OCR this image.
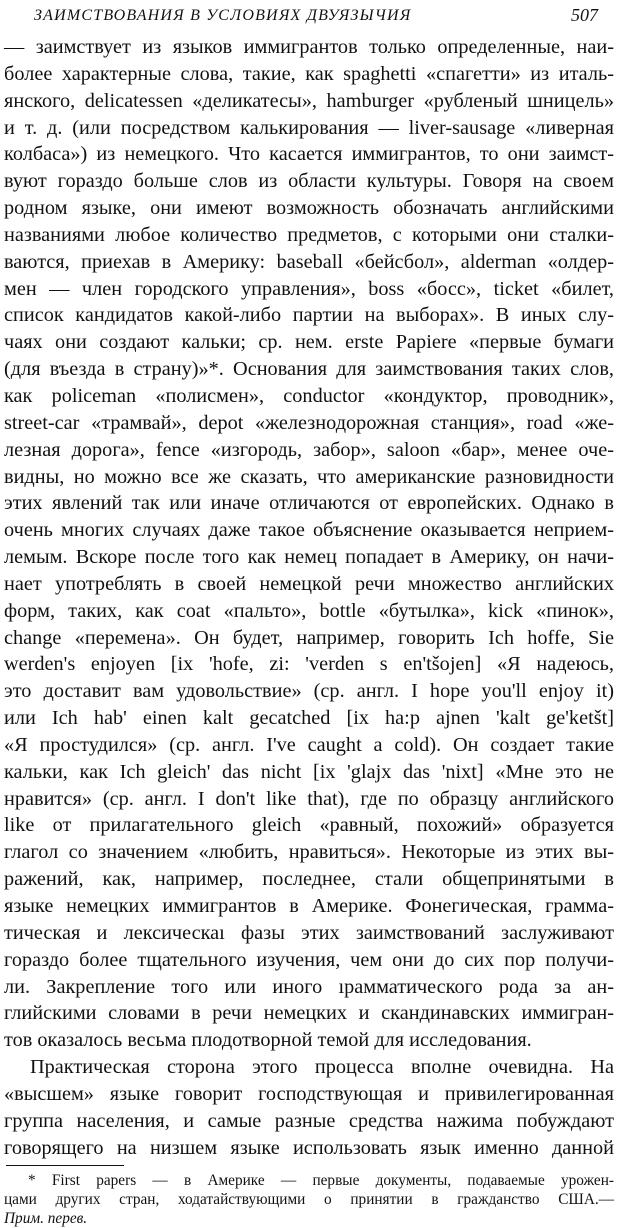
ЗАИМСТВОВАНИЯ В УСЛОВИЯХ ДВУЯЗЫЧИЯ	507
— заимствует из языков иммигрантов только определенные, наи-
более характерные слова, такие, как spaghetti «спагетти» из италь-
янского, delicatessen «деликатесы», hamburger «рубленый шницель»
и т. д. (или посредством калькирования — liver-sausage «ливерная
колбаса») из немецкого. Что касается иммигрантов, то они заимст-
вуют гораздо больше слов из области культуры. Говоря на своем
родном языке, они имеют возможность обозначать английскими
названиями любое количество предметов, с которыми они сталки-
ваются, приехав в Америку: baseball «бейсбол», alderman «олдер-
мен — член городского управления», boss «босс», ticket «билет,
список кандидатов какой-либо партии на выборах». В иных слу-
чаях они создают кальки; ср. нем. erste Papiere «первые бумаги
(для въезда в страну)»*. Основания для заимствования таких слов,
как policeman «полисмен», conductor «кондуктор, проводник»,
street-car «трамвай», depot «железнодорожная станция», road «же-
лезная дорога», fence «изгородь, забор», saloon «бар», менее оче-
видны, но можно все же сказать, что американские разновидности
этих явлений так или иначе отличаются от европейских. Однако в
очень многих случаях даже такое объяснение оказывается неприем-
лемым. Вскоре после того как немец попадает в Америку, он начи-
нает употреблять в своей немецкой речи множество английских
форм, таких, как coat «пальто», bottle «бутылка», kick «пинок»,
change «перемена». Он будет, например, говорить Ich hoffe, Sie
werden's enjoyen [ix 'hofe, zi: 'verden s en'tšojen] «Я надеюсь,
это доставит вам удовольствие» (ср. англ. I hope you'll enjoy it)
или Ich hab' einen kalt gecatched [ix ha:p ajnen 'kalt ge'ketšt]
«Я простудился» (ср. англ. I've caught a cold). Он создает такие
кальки, как Ich gleich' das nicht [ix 'glajx das 'nixt] «Мне это не
нравится» (ср. англ. I don't like that), где по образцу английского
like от прилагательного gleich «равный, похожий» образуется
глагол со значением «любить, нравиться». Некоторые из этих вы-
ражений, как, например, последнее, стали общепринятыми в
языке немецких иммигрантов в Америке. Фонегическая, граммa-
тическая и лексическаı фазы этих заимствований заслуживают
гораздо более тщательного изучения, чем они до сих пор получи-
ли. Закрепление того или иного ıрамматического рода за ан-
глийскими словами в речи немецких и скандинавских иммигран-
тов оказалось весьма плодотворной темой для исследования.
Практическая сторона этого процесса вполне очевидна. На
«высшем» языке говорит господствующая и привилегированная
группа населения, и самые разные средства нажима побуждают
говорящего на низшем языке использовать язык именно данной
* First papers — в Америке — первые документы, подаваемые урожен-
цами других стран, ходатайствующими о принятии в гражданство США.—
Прим. перев.
